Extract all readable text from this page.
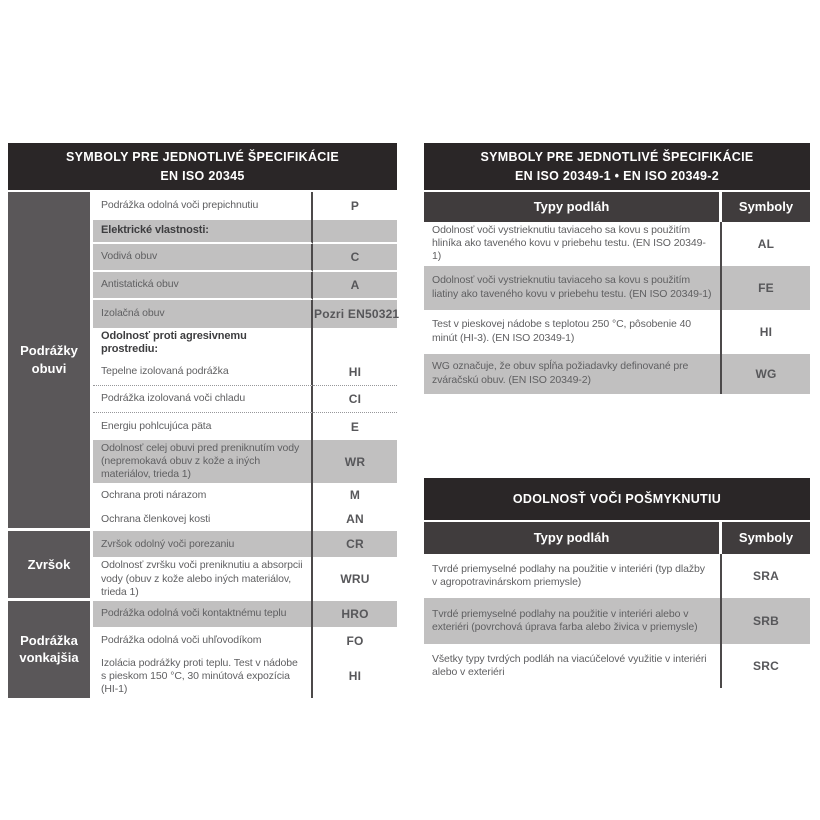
SYMBOLY PRE JEDNOTLIVÉ ŠPECIFIKÁCIE
EN ISO 20345
Podrážky obuvi	Podrážka odolná voči prepichnutiu	P
	Elektrické vlastnosti:	
	Vodivá obuv	C
	Antistatická obuv	A
	Izolačná obuv	Pozri EN50321
	Odolnosť proti agresivnemu prostrediu:	
	Tepelne izolovaná podrážka	HI
	Podrážka izolovaná voči chladu	CI
	Energiu pohlcujúca päta	E
	Odolnosť celej obuvi pred preniknutím vody (nepremokavá obuv z kože a iných materiálov, trieda 1)	WR
	Ochrana proti nárazom	M
	Ochrana členkovej kosti	AN
Zvršok	Zvršok odolný voči porezaniu	CR
	Odolnosť zvršku voči preniknutiu a absorpcii vody (obuv z kože alebo iných materiálov, trieda 1)	WRU
Podrážka vonkajšia	Podrážka odolná voči kontaktnému teplu	HRO
	Podrážka odolná voči uhľovodíkom	FO
	Izolácia podrážky proti teplu. Test v nádobe s pieskom 150 °C, 30 minútová expozícia (HI-1)	HI
SYMBOLY PRE JEDNOTLIVÉ ŠPECIFIKÁCIE
EN ISO 20349-1 • EN ISO 20349-2
Typy podláh	Symboly
Odolnosť voči vystrieknutiu taviaceho sa kovu s použitím hliníka ako taveného kovu v priebehu testu. (EN ISO 20349-1)	AL
Odolnosť voči vystrieknutiu taviaceho sa kovu s použitím liatiny ako taveného kovu v priebehu testu. (EN ISO 20349-1)	FE
Test v pieskovej nádobe s teplotou 250 °C, pôsobenie 40 minút (HI-3). (EN ISO 20349-1)	HI
WG označuje, že obuv spĺňa požiadavky definované pre zváračskú obuv. (EN ISO 20349-2)	WG
ODOLNOSŤ VOČI POŠMYKNUTIU
Typy podláh	Symboly
Tvrdé priemyselné podlahy na použitie v interiéri (typ dlažby v agropotravinárskom priemysle)	SRA
Tvrdé priemyselné podlahy na použitie v interiéri alebo v exteriéri (povrchová úprava farba alebo živica v priemysle)	SRB
Všetky typy tvrdých podláh na viacúčelové využitie v interiéri alebo v exteriéri	SRC
